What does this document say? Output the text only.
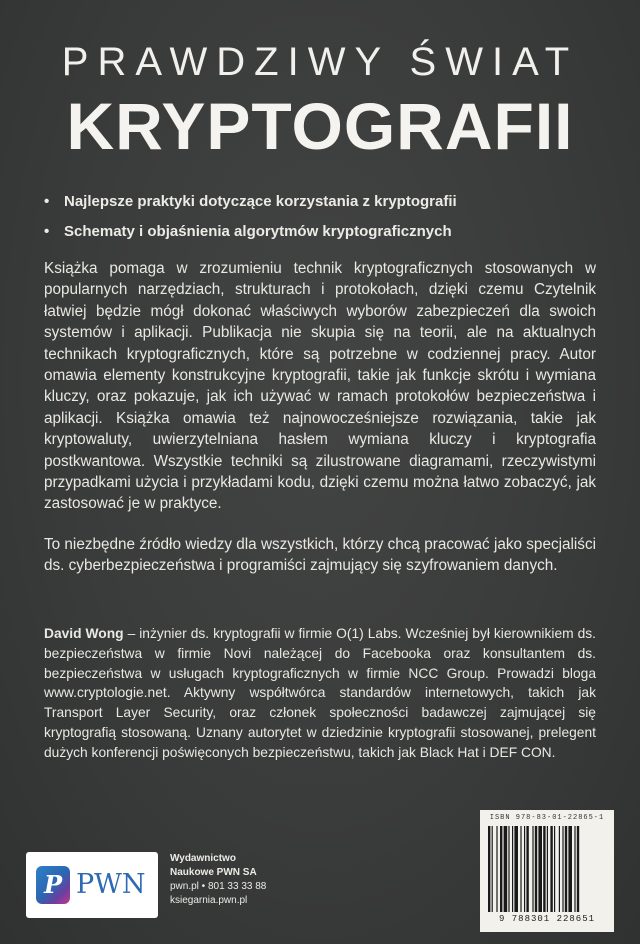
PRAWDZIWY ŚWIAT
KRYPTOGRAFII
• Najlepsze praktyki dotyczące korzystania z kryptografii
• Schematy i objaśnienia algorytmów kryptograficznych

Książka pomaga w zrozumieniu technik kryptograficznych stosowanych w popularnych narzędziach, strukturach i protokołach, dzięki czemu Czytelnik łatwiej będzie mógł dokonać właściwych wyborów zabezpieczeń dla swoich systemów i aplikacji. Publikacja nie skupia się na teorii, ale na aktualnych technikach kryptograficznych, które są potrzebne w codziennej pracy. Autor omawia elementy konstrukcyjne kryptografii, takie jak funkcje skrótu i wymiana kluczy, oraz pokazuje, jak ich używać w ramach protokołów bezpieczeństwa i aplikacji. Książka omawia też najnowocześniejsze rozwiązania, takie jak kryptowaluty, uwierzytelniana hasłem wymiana kluczy i kryptografia postkwantowa. Wszystkie techniki są zilustrowane diagramami, rzeczywistymi przypadkami użycia i przykładami kodu, dzięki czemu można łatwo zobaczyć, jak zastosować je w praktyce.

To niezbędne źródło wiedzy dla wszystkich, którzy chcą pracować jako specjaliści ds. cyberbezpieczeństwa i programiści zajmujący się szyfrowaniem danych.

David Wong – inżynier ds. kryptografii w firmie O(1) Labs. Wcześniej był kierownikiem ds. bezpieczeństwa w firmie Novi należącej do Facebooka oraz konsultantem ds. bezpieczeństwa w usługach kryptograficznych w firmie NCC Group. Prowadzi bloga www.cryptologie.net. Aktywny współtwórca standardów internetowych, takich jak Transport Layer Security, oraz członek społeczności badawczej zajmującej się kryptografią stosowaną. Uznany autorytet w dziedzinie kryptografii stosowanej, prelegent dużych konferencji poświęconych bezpieczeństwu, takich jak Black Hat i DEF CON.

P PWN
Wydawnictwo
Naukowe PWN SA
pwn.pl • 801 33 33 88
ksiegarnia.pwn.pl
ISBN 978-83-01-22865-1
9 788301 228651
